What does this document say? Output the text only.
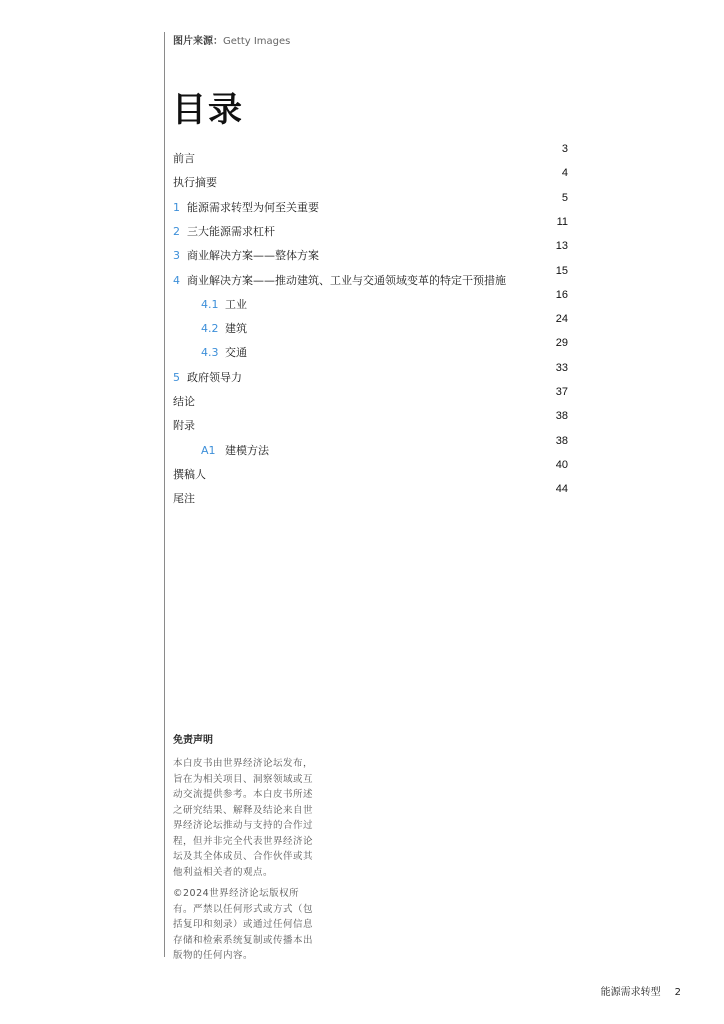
图片来源：Getty Images
目录
前言
3
执行摘要
4
1 能源需求转型为何至关重要
5
2 三大能源需求杠杆
11
3 商业解决方案——整体方案
13
4 商业解决方案——推动建筑、工业与交通领域变革的特定干预措施
15
4.1 工业
16
4.2 建筑
24
4.3 交通
29
5 政府领导力
33
结论
37
附录
38
A1 建模方法
38
撰稿人
40
尾注
44
免责声明

本白皮书由世界经济论坛发布，旨在为相关项目、洞察领域或互动交流提供参考。本白皮书所述之研究结果、解释及结论来自世界经济论坛推动与支持的合作过程，但并非完全代表世界经济论坛及其全体成员、合作伙伴或其他利益相关者的观点。

©2024世界经济论坛版权所有。严禁以任何形式或方式（包括复印和刻录）或通过任何信息存储和检索系统复制或传播本出版物的任何内容。

能源需求转型 2
